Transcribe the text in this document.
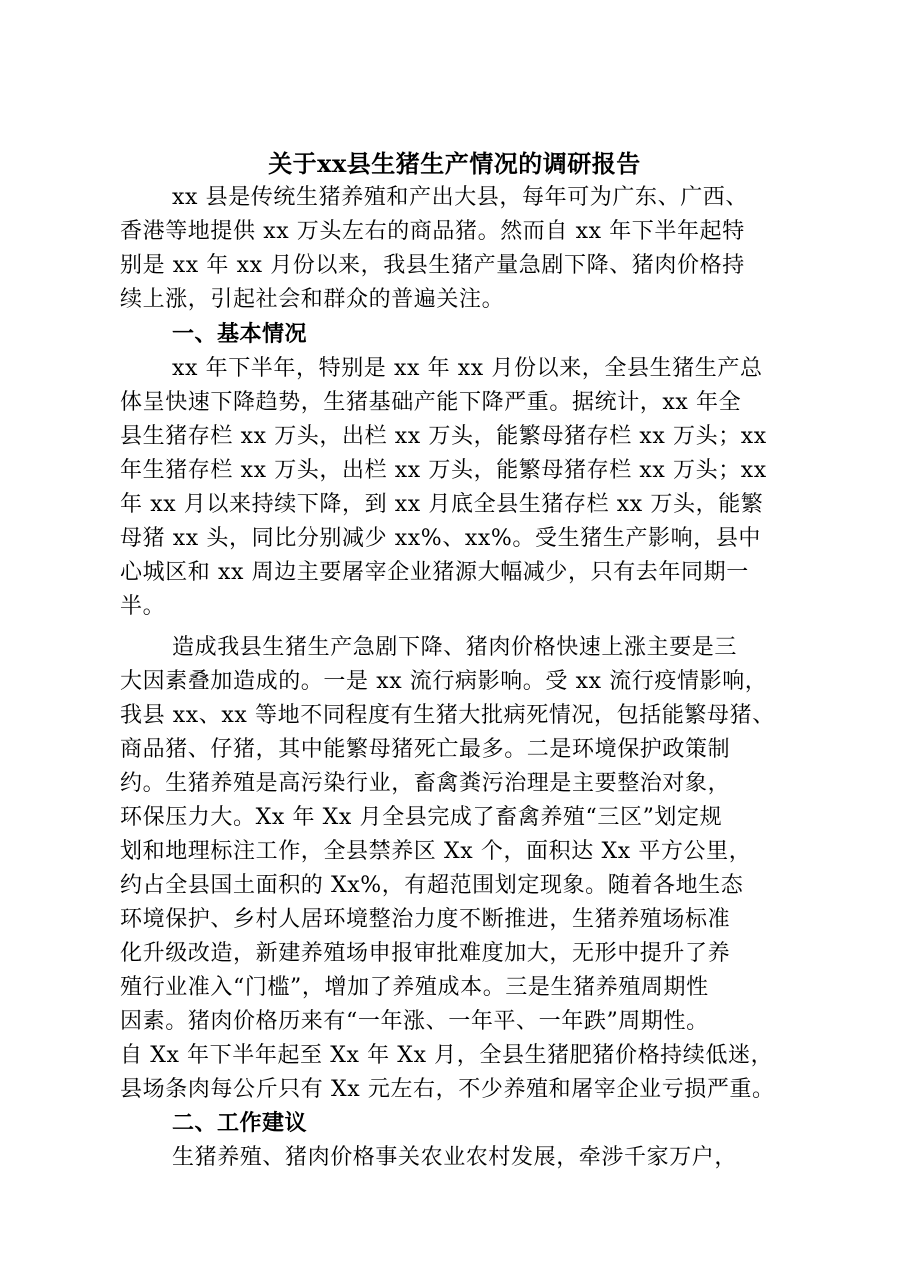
关于xx县生猪生产情况的调研报告
xx 县是传统生猪养殖和产出大县，每年可为广东、广西、
香港等地提供 xx 万头左右的商品猪。然而自 xx 年下半年起特
别是 xx 年 xx 月份以来，我县生猪产量急剧下降、猪肉价格持
续上涨，引起社会和群众的普遍关注。
一、基本情况
xx 年下半年，特别是 xx 年 xx 月份以来，全县生猪生产总
体呈快速下降趋势，生猪基础产能下降严重。据统计，xx 年全
县生猪存栏 xx 万头，出栏 xx 万头，能繁母猪存栏 xx 万头；xx
年生猪存栏 xx 万头，出栏 xx 万头，能繁母猪存栏 xx 万头；xx
年 xx 月以来持续下降，到 xx 月底全县生猪存栏 xx 万头，能繁
母猪 xx 头，同比分别减少 xx%、xx%。受生猪生产影响，县中
心城区和 xx 周边主要屠宰企业猪源大幅减少，只有去年同期一
半。
造成我县生猪生产急剧下降、猪肉价格快速上涨主要是三
大因素叠加造成的。一是 xx 流行病影响。受 xx 流行疫情影响，
我县 xx、xx 等地不同程度有生猪大批病死情况，包括能繁母猪、
商品猪、仔猪，其中能繁母猪死亡最多。二是环境保护政策制
约。生猪养殖是高污染行业，畜禽粪污治理是主要整治对象，
环保压力大。Xx 年 Xx 月全县完成了畜禽养殖“三区”划定规
划和地理标注工作，全县禁养区 Xx 个，面积达 Xx 平方公里，
约占全县国土面积的 Xx%，有超范围划定现象。随着各地生态
环境保护、乡村人居环境整治力度不断推进，生猪养殖场标准
化升级改造，新建养殖场申报审批难度加大，无形中提升了养
殖行业准入“门槛”，增加了养殖成本。三是生猪养殖周期性
因素。猪肉价格历来有“一年涨、一年平、一年跌”周期性。
自 Xx 年下半年起至 Xx 年 Xx 月，全县生猪肥猪价格持续低迷，
县场条肉每公斤只有 Xx 元左右，不少养殖和屠宰企业亏损严重。
二、工作建议
生猪养殖、猪肉价格事关农业农村发展，牵涉千家万户，
